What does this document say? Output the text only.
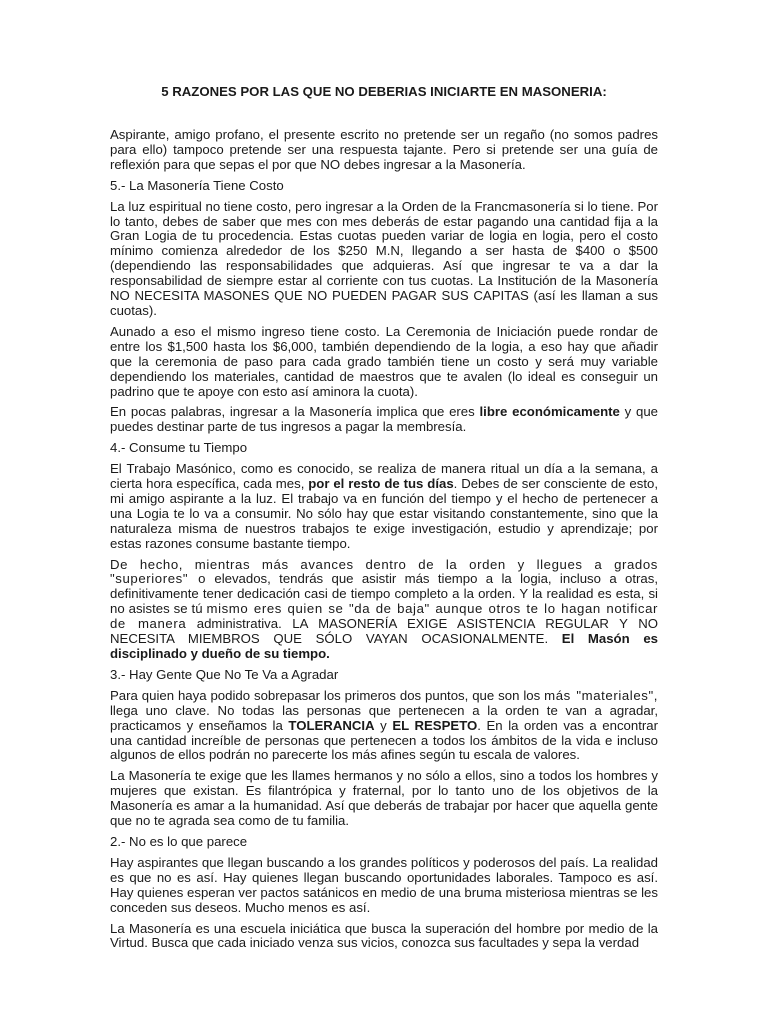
5 RAZONES POR LAS QUE NO DEBERIAS INICIARTE EN MASONERIA:

Aspirante, amigo profano, el presente escrito no pretende ser un regaño (no somos padres para ello) tampoco pretende ser una respuesta tajante. Pero si pretende ser una guía de reflexión para que sepas el por que NO debes ingresar a la Masonería.

5.- La Masonería Tiene Costo

La luz espiritual no tiene costo, pero ingresar a la Orden de la Francmasonería si lo tiene. Por lo tanto, debes de saber que mes con mes deberás de estar pagando una cantidad fija a la Gran Logia de tu procedencia. Estas cuotas pueden variar de logia en logia, pero el costo mínimo comienza alrededor de los $250 M.N, llegando a ser hasta de $400 o $500 (dependiendo las responsabilidades que adquieras. Así que ingresar te va a dar la responsabilidad de siempre estar al corriente con tus cuotas. La Institución de la Masonería NO NECESITA MASONES QUE NO PUEDEN PAGAR SUS CAPITAS (así les llaman a sus cuotas).

Aunado a eso el mismo ingreso tiene costo. La Ceremonia de Iniciación puede rondar de entre los $1,500 hasta los $6,000, también dependiendo de la logia, a eso hay que añadir que la ceremonia de paso para cada grado también tiene un costo y será muy variable dependiendo los materiales, cantidad de maestros que te avalen (lo ideal es conseguir un padrino que te apoye con esto así aminora la cuota).

En pocas palabras, ingresar a la Masonería implica que eres libre económicamente y que puedes destinar parte de tus ingresos a pagar la membresía.

4.- Consume tu Tiempo

El Trabajo Masónico, como es conocido, se realiza de manera ritual un día a la semana, a cierta hora específica, cada mes, por el resto de tus días. Debes de ser consciente de esto, mi amigo aspirante a la luz. El trabajo va en función del tiempo y el hecho de pertenecer a una Logia te lo va a consumir. No sólo hay que estar visitando constantemente, sino que la naturaleza misma de nuestros trabajos te exige investigación, estudio y aprendizaje; por estas razones consume bastante tiempo.

De hecho, mientras más avances dentro de la orden y llegues a grados "superiores" o elevados, tendrás que asistir más tiempo a la logia, incluso a otras, definitivamente tener dedicación casi de tiempo completo a la orden. Y la realidad es esta, si no asistes se tú mismo eres quien se "da de baja" aunque otros te lo hagan notificar de manera administrativa. LA MASONERÍA EXIGE ASISTENCIA REGULAR Y NO NECESITA MIEMBROS QUE SÓLO VAYAN OCASIONALMENTE. El Masón es disciplinado y dueño de su tiempo.

3.- Hay Gente Que No Te Va a Agradar

Para quien haya podido sobrepasar los primeros dos puntos, que son los más "materiales", llega uno clave. No todas las personas que pertenecen a la orden te van a agradar, practicamos y enseñamos la TOLERANCIA y EL RESPETO. En la orden vas a encontrar una cantidad increíble de personas que pertenecen a todos los ámbitos de la vida e incluso algunos de ellos podrán no parecerte los más afines según tu escala de valores.

La Masonería te exige que les llames hermanos y no sólo a ellos, sino a todos los hombres y mujeres que existan. Es filantrópica y fraternal, por lo tanto uno de los objetivos de la Masonería es amar a la humanidad. Así que deberás de trabajar por hacer que aquella gente que no te agrada sea como de tu familia.

2.- No es lo que parece

Hay aspirantes que llegan buscando a los grandes políticos y poderosos del país. La realidad es que no es así. Hay quienes llegan buscando oportunidades laborales. Tampoco es así. Hay quienes esperan ver pactos satánicos en medio de una bruma misteriosa mientras se les conceden sus deseos. Mucho menos es así.

La Masonería es una escuela iniciática que busca la superación del hombre por medio de la Virtud. Busca que cada iniciado venza sus vicios, conozca sus facultades y sepa la verdad
